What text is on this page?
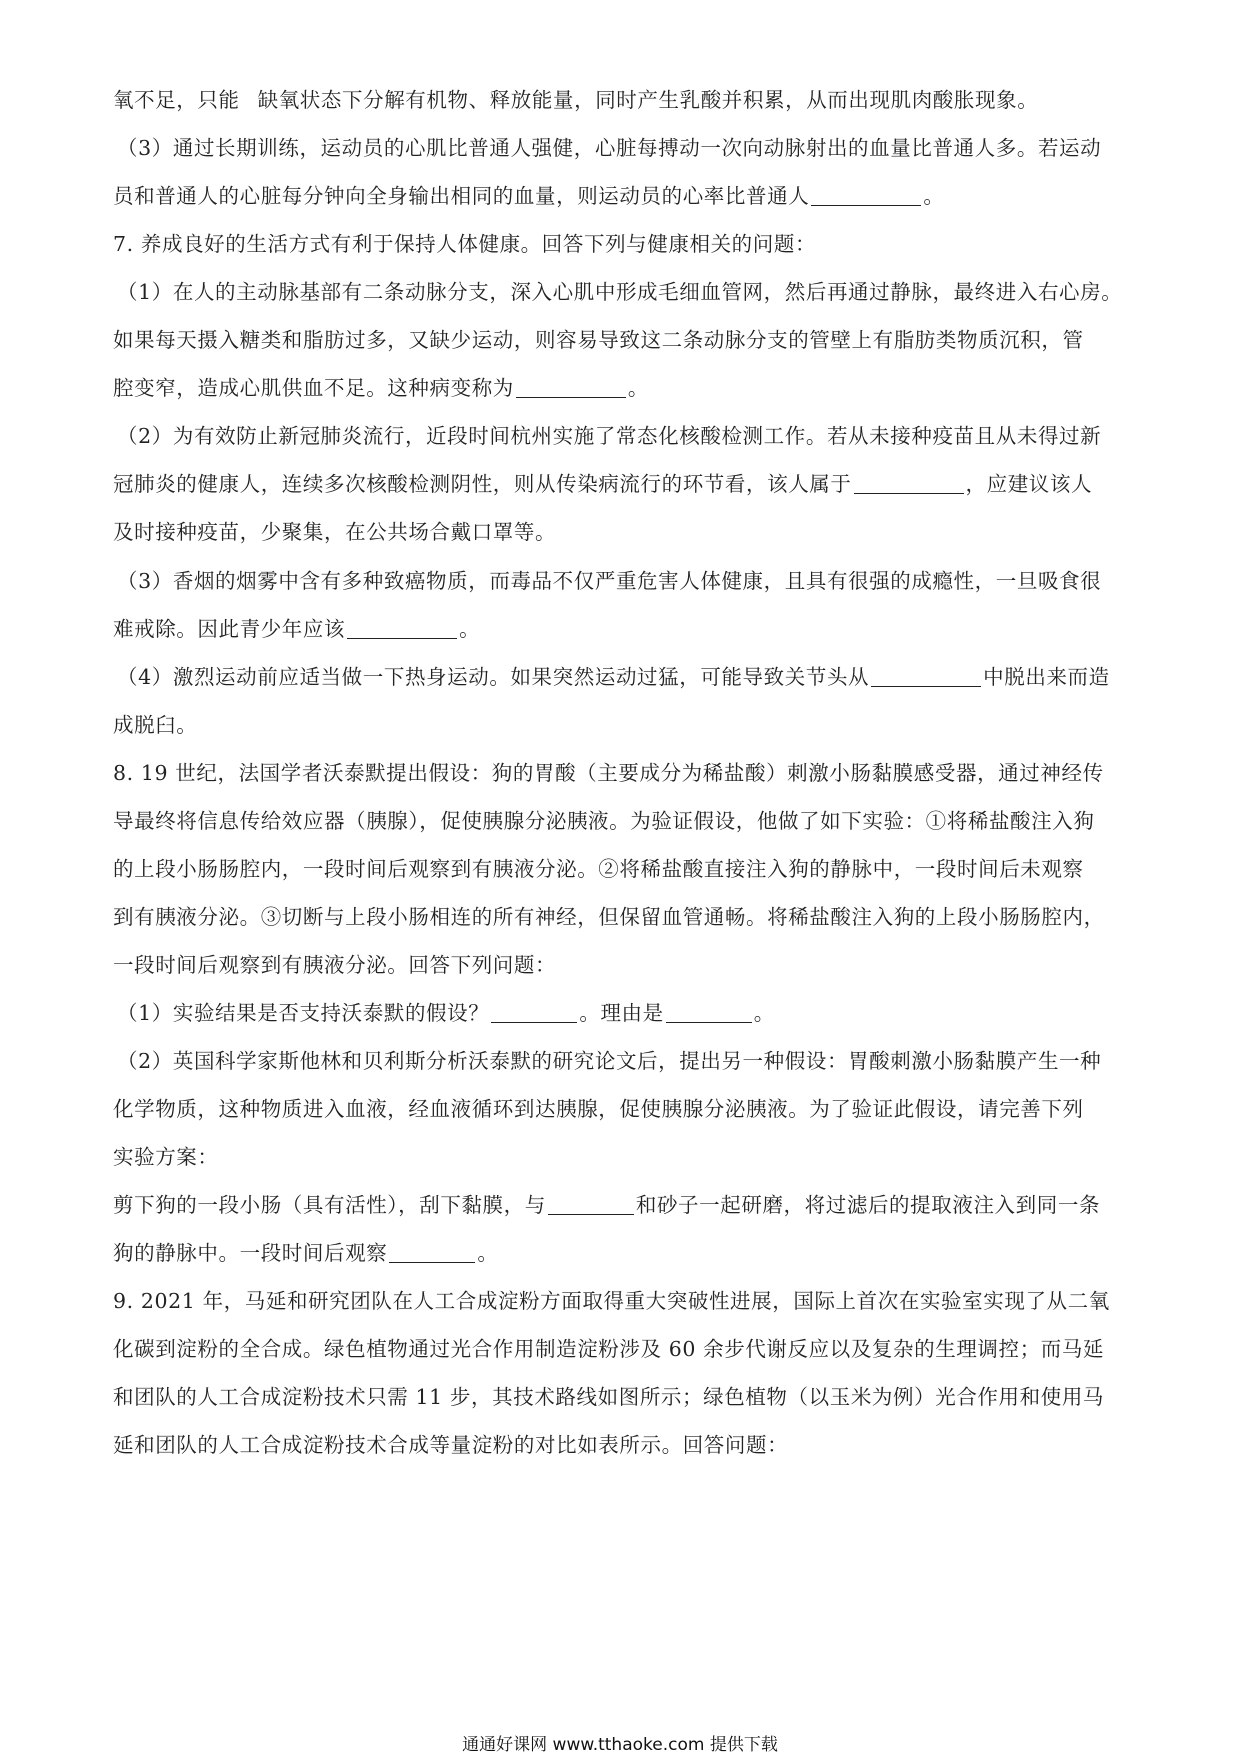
氧不足，只能 缺氧状态下分解有机物、释放能量，同时产生乳酸并积累，从而出现肌肉酸胀现象。

（3）通过长期训练，运动员的心肌比普通人强健，心脏每搏动一次向动脉射出的血量比普通人多。若运动

员和普通人的心脏每分钟向全身输出相同的血量，则运动员的心率比普通人	。

7. 养成良好的生活方式有利于保持人体健康。回答下列与健康相关的问题：

（1）在人的主动脉基部有二条动脉分支，深入心肌中形成毛细血管网，然后再通过静脉，最终进入右心房。

如果每天摄入糖类和脂肪过多，又缺少运动，则容易导致这二条动脉分支的管壁上有脂肪类物质沉积，管

腔变窄，造成心肌供血不足。这种病变称为	。

（2）为有效防止新冠肺炎流行，近段时间杭州实施了常态化核酸检测工作。若从未接种疫苗且从未得过新

冠肺炎的健康人，连续多次核酸检测阴性，则从传染病流行的环节看，该人属于	，应建议该人

及时接种疫苗，少聚集，在公共场合戴口罩等。

（3）香烟的烟雾中含有多种致癌物质，而毒品不仅严重危害人体健康，且具有很强的成瘾性，一旦吸食很

难戒除。因此青少年应该	。

（4）激烈运动前应适当做一下热身运动。如果突然运动过猛，可能导致关节头从	中脱出来而造

成脱臼。

8. 19 世纪，法国学者沃泰默提出假设：狗的胃酸（主要成分为稀盐酸）刺激小肠黏膜感受器，通过神经传

导最终将信息传给效应器（胰腺），促使胰腺分泌胰液。为验证假设，他做了如下实验：①将稀盐酸注入狗

的上段小肠肠腔内，一段时间后观察到有胰液分泌。②将稀盐酸直接注入狗的静脉中，一段时间后未观察

到有胰液分泌。③切断与上段小肠相连的所有神经，但保留血管通畅。将稀盐酸注入狗的上段小肠肠腔内，

一段时间后观察到有胰液分泌。回答下列问题：

（1）实验结果是否支持沃泰默的假设？	。理由是	。

（2）英国科学家斯他林和贝利斯分析沃泰默的研究论文后，提出另一种假设：胃酸刺激小肠黏膜产生一种

化学物质，这种物质进入血液，经血液循环到达胰腺，促使胰腺分泌胰液。为了验证此假设，请完善下列

实验方案：

剪下狗的一段小肠（具有活性），刮下黏膜，与	和砂子一起研磨，将过滤后的提取液注入到同一条

狗的静脉中。一段时间后观察	。

9. 2021 年，马延和研究团队在人工合成淀粉方面取得重大突破性进展，国际上首次在实验室实现了从二氧

化碳到淀粉的全合成。绿色植物通过光合作用制造淀粉涉及 60 余步代谢反应以及复杂的生理调控；而马延

和团队的人工合成淀粉技术只需 11 步，其技术路线如图所示；绿色植物（以玉米为例）光合作用和使用马

延和团队的人工合成淀粉技术合成等量淀粉的对比如表所示。回答问题：

通通好课网 www.tthaoke.com 提供下载
